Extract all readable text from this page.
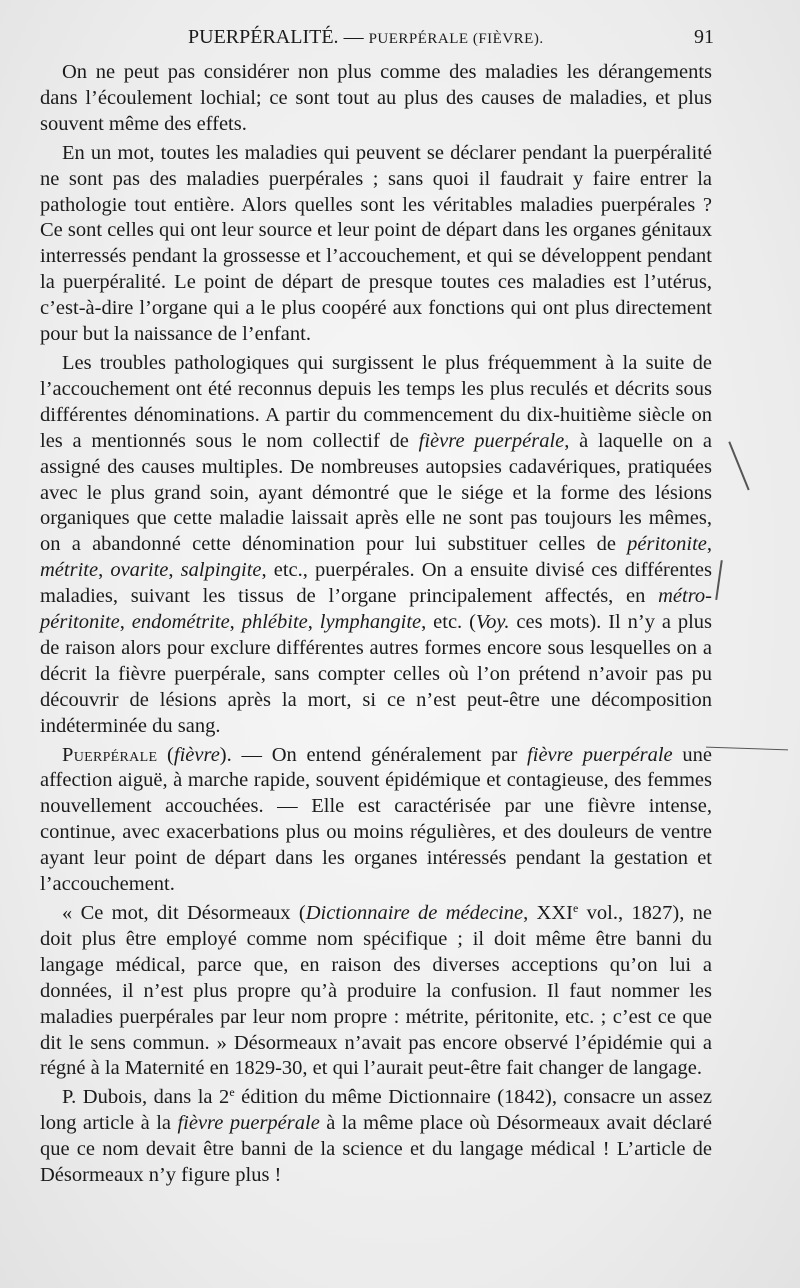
PUERPÉRALITÉ. — PUERPÉRALE (FIÈVRE).	91

On ne peut pas considérer non plus comme des maladies les dérangements dans l’écoulement lochial; ce sont tout au plus des causes de maladies, et plus souvent même des effets.

En un mot, toutes les maladies qui peuvent se déclarer pendant la puerpéralité ne sont pas des maladies puerpérales ; sans quoi il faudrait y faire entrer la pathologie tout entière. Alors quelles sont les véritables maladies puerpérales ? Ce sont celles qui ont leur source et leur point de départ dans les organes génitaux interressés pendant la grossesse et l’accouchement, et qui se développent pendant la puerpéralité. Le point de départ de presque toutes ces maladies est l’utérus, c’est-à-dire l’organe qui a le plus coopéré aux fonctions qui ont plus directement pour but la naissance de l’enfant.

Les troubles pathologiques qui surgissent le plus fréquemment à la suite de l’accouchement ont été reconnus depuis les temps les plus reculés et décrits sous différentes dénominations. A partir du commencement du dix-huitième siècle on les a mentionnés sous le nom collectif de fièvre puerpérale, à laquelle on a assigné des causes multiples. De nombreuses autopsies cadavériques, pratiquées avec le plus grand soin, ayant démontré que le siége et la forme des lésions organiques que cette maladie laissait après elle ne sont pas toujours les mêmes, on a abandonné cette dénomination pour lui substituer celles de péritonite, métrite, ovarite, salpingite, etc., puerpérales. On a ensuite divisé ces différentes maladies, suivant les tissus de l’organe principalement affectés, en métro-péritonite, endométrite, phlébite, lymphangite, etc. (Voy. ces mots). Il n’y a plus de raison alors pour exclure différentes autres formes encore sous lesquelles on a décrit la fièvre puerpérale, sans compter celles où l’on prétend n’avoir pas pu découvrir de lésions après la mort, si ce n’est peut-être une décomposition indéterminée du sang.

Puerpérale (fièvre). — On entend généralement par fièvre puerpérale une affection aiguë, à marche rapide, souvent épidémique et contagieuse, des femmes nouvellement accouchées. — Elle est caractérisée par une fièvre intense, continue, avec exacerbations plus ou moins régulières, et des douleurs de ventre ayant leur point de départ dans les organes intéressés pendant la gestation et l’accouchement.

« Ce mot, dit Désormeaux (Dictionnaire de médecine, XXIe vol., 1827), ne doit plus être employé comme nom spécifique ; il doit même être banni du langage médical, parce que, en raison des diverses acceptions qu’on lui a données, il n’est plus propre qu’à produire la confusion. Il faut nommer les maladies puerpérales par leur nom propre : métrite, péritonite, etc. ; c’est ce que dit le sens commun. » Désormeaux n’avait pas encore observé l’épidémie qui a régné à la Maternité en 1829-30, et qui l’aurait peut-être fait changer de langage.

P. Dubois, dans la 2e édition du même Dictionnaire (1842), consacre un assez long article à la fièvre puerpérale à la même place où Désormeaux avait déclaré que ce nom devait être banni de la science et du langage médical ! L’article de Désormeaux n’y figure plus !
